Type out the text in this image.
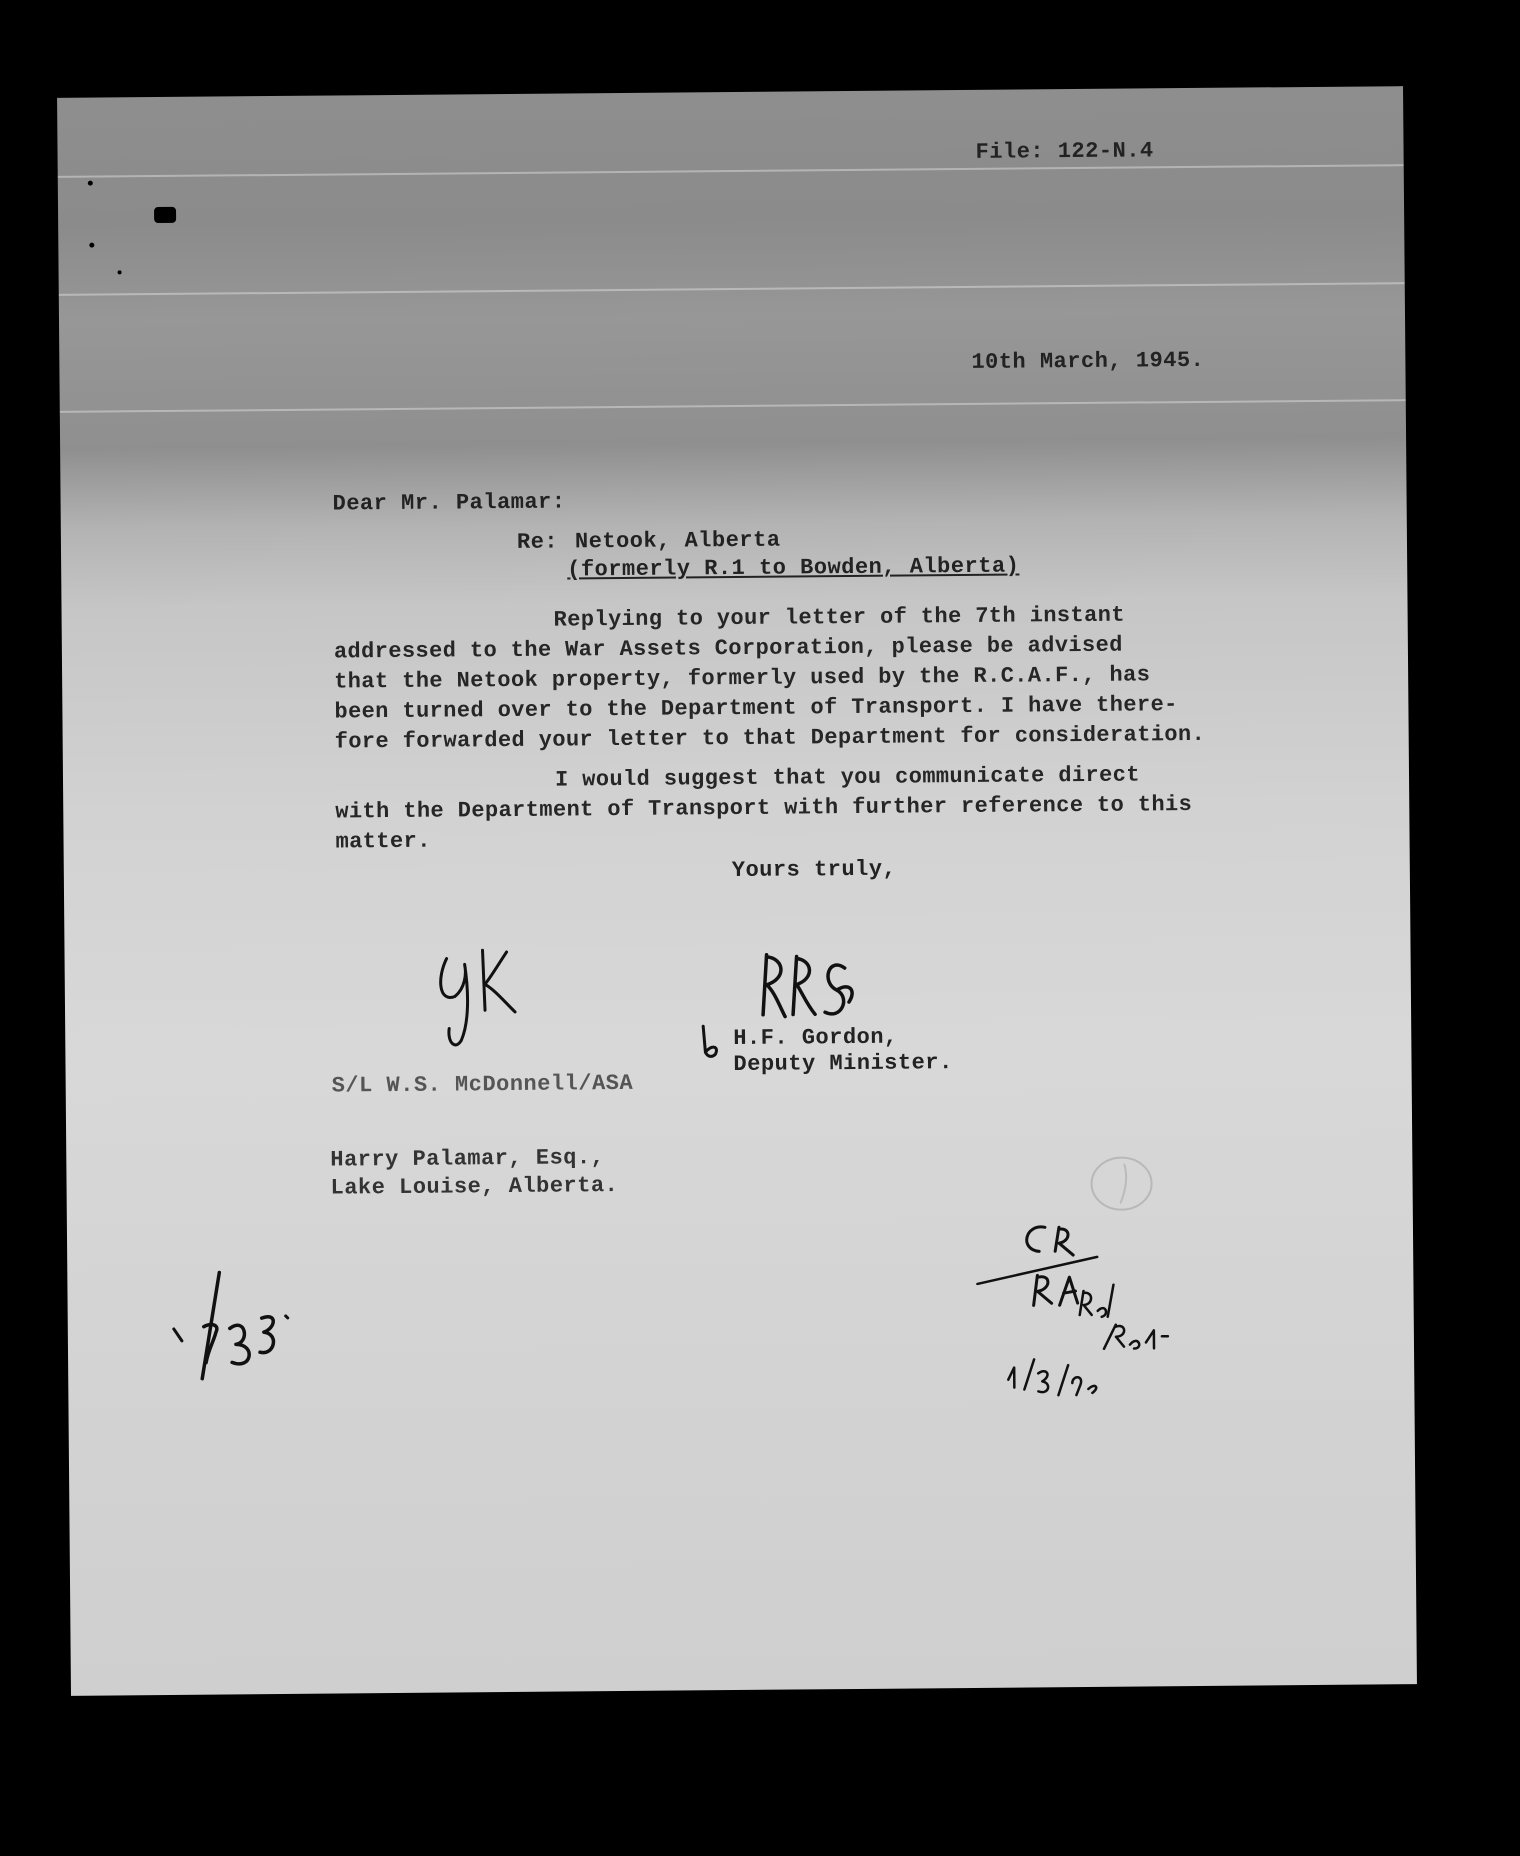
File: 122-N.4
10th March, 1945.
Dear Mr. Palamar:
Re: Netook, Alberta
(formerly R.1 to Bowden, Alberta)

Replying to your letter of the 7th instant

addressed to the War Assets Corporation, please be advised

that the Netook property, formerly used by the R.C.A.F., has

been turned over to the Department of Transport. I have there-

fore forwarded your letter to that Department for consideration.

I would suggest that you communicate direct

with the Department of Transport with further reference to this

matter.

Yours truly,
H.F. Gordon,
Deputy Minister.
S/L W.S. McDonnell/ASA
Harry Palamar, Esq.,
Lake Louise, Alberta.
